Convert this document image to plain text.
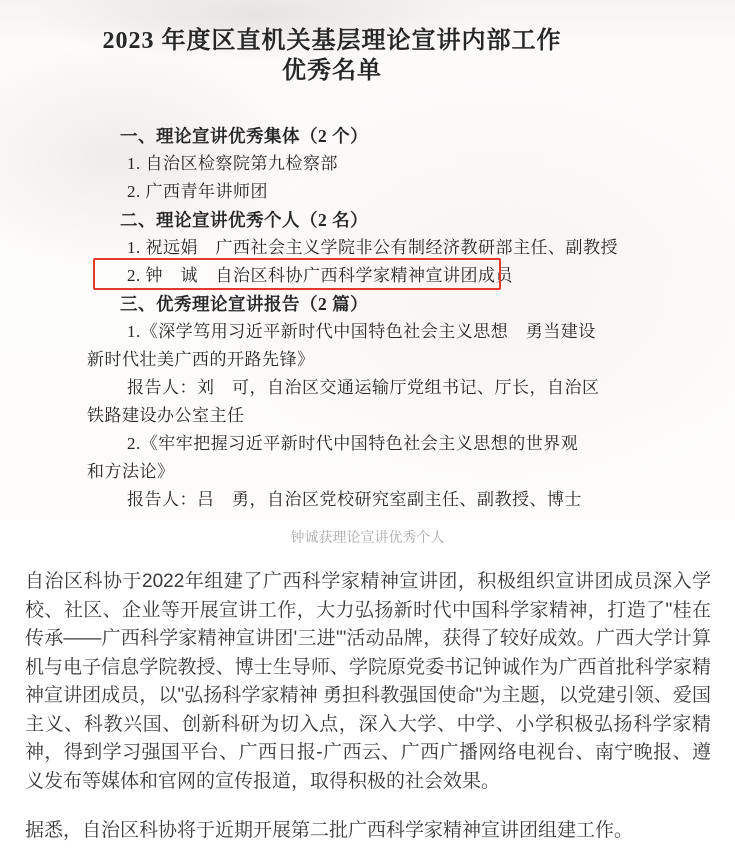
2023 年度区直机关基层理论宣讲内部工作
优秀名单
一、理论宣讲优秀集体（2 个）
1. 自治区检察院第九检察部
2. 广西青年讲师团
二、理论宣讲优秀个人（2 名）
1. 祝远娟　广西社会主义学院非公有制经济教研部主任、副教授
2. 钟　诚　自治区科协广西科学家精神宣讲团成员
三、优秀理论宣讲报告（2 篇）
1.《深学笃用习近平新时代中国特色社会主义思想　勇当建设
新时代壮美广西的开路先锋》
报告人：刘　可，自治区交通运输厅党组书记、厅长，自治区
铁路建设办公室主任
2.《牢牢把握习近平新时代中国特色社会主义思想的世界观
和方法论》
报告人：吕　勇，自治区党校研究室副主任、副教授、博士
钟诚获理论宣讲优秀个人

自治区科协于2022年组建了广西科学家精神宣讲团，积极组织宣讲团成员深入学校、社区、企业等开展宣讲工作，大力弘扬新时代中国科学家精神，打造了"桂在传承——广西科学家精神宣讲团'三进'"活动品牌，获得了较好成效。广西大学计算机与电子信息学院教授、博士生导师、学院原党委书记钟诚作为广西首批科学家精神宣讲团成员，以"弘扬科学家精神 勇担科教强国使命"为主题，以党建引领、爱国主义、科教兴国、创新科研为切入点，深入大学、中学、小学积极弘扬科学家精神，得到学习强国平台、广西日报-广西云、广西广播网络电视台、南宁晚报、遵义发布等媒体和官网的宣传报道，取得积极的社会效果。

据悉，自治区科协将于近期开展第二批广西科学家精神宣讲团组建工作。
